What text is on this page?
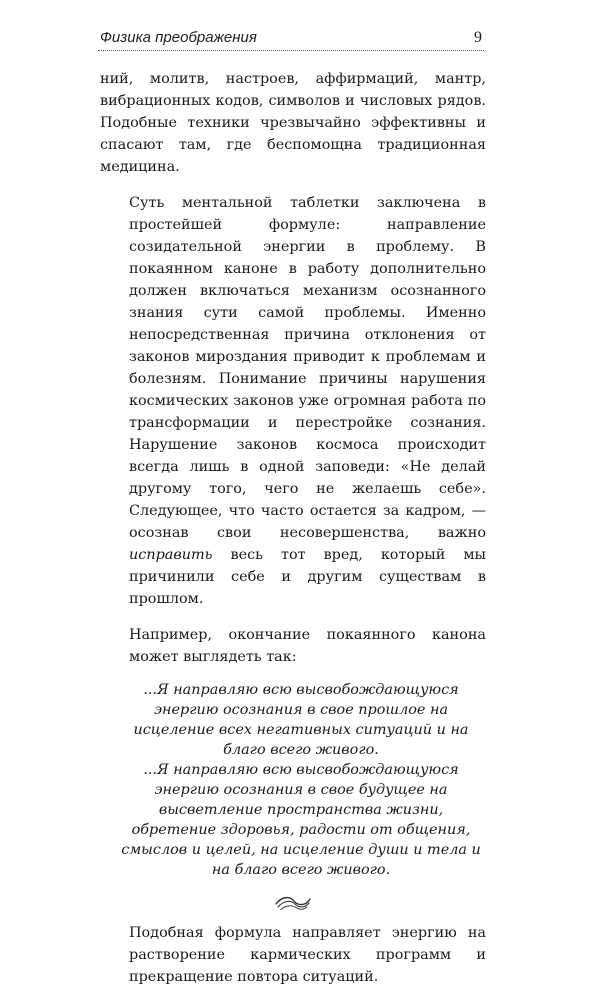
Физика преображения	9

ний, молитв, настроев, аффирмаций, мантр, вибрационных кодов, символов и числовых рядов. Подобные техники чрезвычайно эффективны и спасают там, где беспомощна традиционная медицина.

Суть ментальной таблетки заключена в простейшей формуле: направление созидательной энергии в проблему. В покаянном каноне в работу дополнительно должен включаться механизм осознанного знания сути самой проблемы. Именно непосредственная причина отклонения от законов мироздания приводит к проблемам и болезням. Понимание причины нарушения космических законов уже огромная работа по трансформации и перестройке сознания. Нарушение законов космоса происходит всегда лишь в одной заповеди: «Не делай другому того, чего не желаешь себе». Следующее, что часто остается за кадром, — осознав свои несовершенства, важно исправить весь тот вред, который мы причинили себе и другим существам в прошлом.

Например, окончание покаянного канона может выглядеть так:

...Я направляю всю высвобождающуюся энергию осознания в свое прошлое на исцеление всех негативных ситуаций и на благо всего живого.

...Я направляю всю высвобождающуюся энергию осознания в свое будущее на высветление пространства жизни, обретение здоровья, радости от общения, смыслов и целей, на исцеление души и тела и на благо всего живого.

Подобная формула направляет энергию на растворение кармических программ и прекращение повтора ситуаций.
